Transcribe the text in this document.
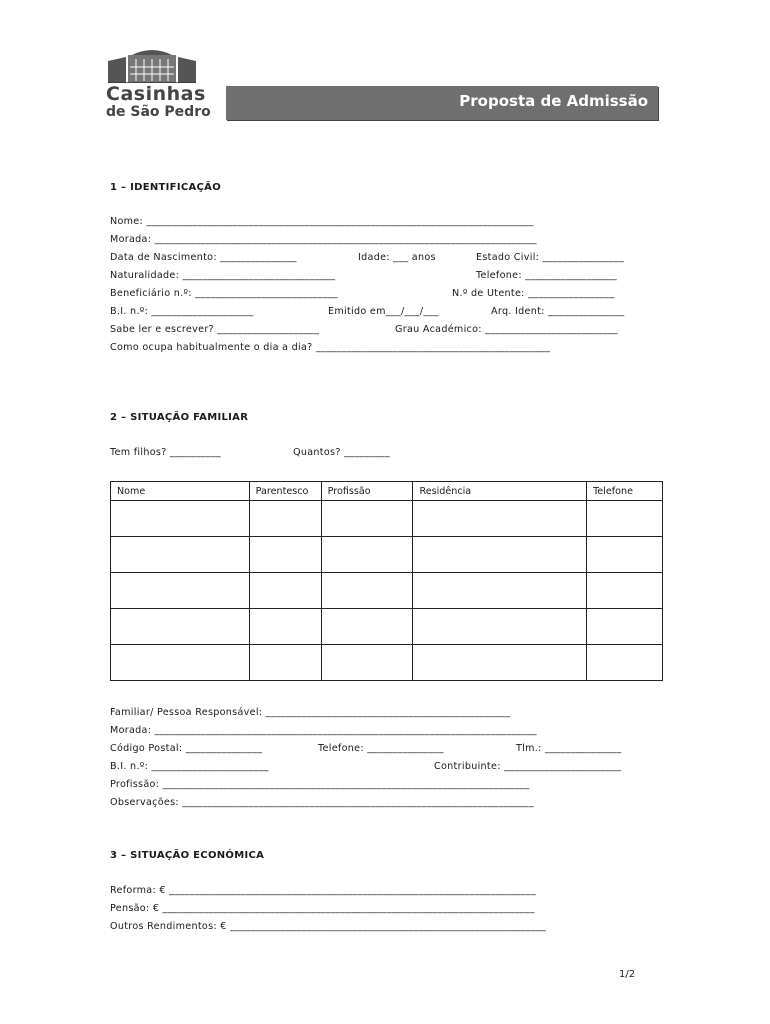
Casinhas
de São Pedro
Proposta de Admissão
1 – IDENTIFICAÇÃO
Nome: ____________________________________________________________________________
Morada: ___________________________________________________________________________
Data de Nascimento: _______________	Idade: ___ anos	Estado Civil: ________________
Naturalidade: ______________________________	Telefone: __________________
Beneficiário n.º: ____________________________	N.º de Utente: _________________
B.I. n.º: ____________________	Emitido em___/___/___	Arq. Ident: _______________
Sabe ler e escrever? ____________________	Grau Académico: __________________________
Como ocupa habitualmente o dia a dia? ______________________________________________
2 – SITUAÇÃO FAMILIAR
Tem filhos? __________	Quantos? _________
Nome	Parentesco	Profissão	Residência	Telefone

Familiar/ Pessoa Responsável: ________________________________________________
Morada: ___________________________________________________________________________
Código Postal: _______________	Telefone: _______________	Tlm.: _______________
B.I. n.º: _______________________	Contribuinte: _______________________
Profissão: ________________________________________________________________________
Observações: _____________________________________________________________________
3 – SITUAÇÃO ECONÓMICA
Reforma: € ________________________________________________________________________
Pensão: € _________________________________________________________________________
Outros Rendimentos: € ______________________________________________________________
1/2
